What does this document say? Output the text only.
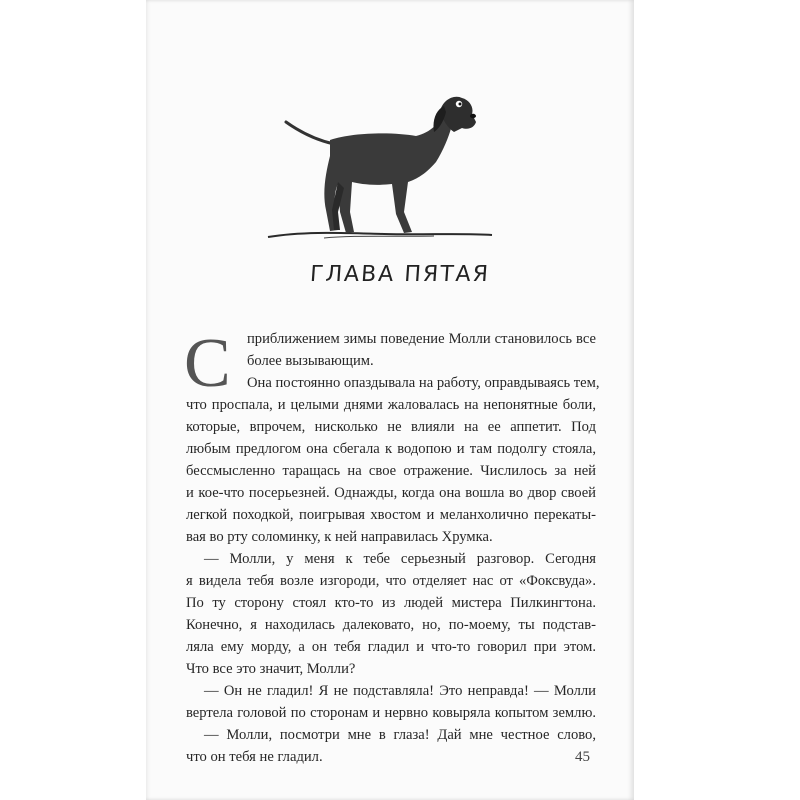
ГЛАВА ПЯТАЯ
С	приближением зимы поведение Молли становилось все
более вызывающим.
Она постоянно опаздывала на работу, оправдываясь тем,
что проспала, и целыми днями жаловалась на непонятные боли,
которые, впрочем, нисколько не влияли на ее аппетит. Под
любым предлогом она сбегала к водопою и там подолгу стояла,
бессмысленно таращась на свое отражение. Числилось за ней
и кое-что посерьезней. Однажды, когда она вошла во двор своей
легкой походкой, поигрывая хвостом и меланхолично перекаты-
вая во рту соломинку, к ней направилась Хрумка.
— Молли, у меня к тебе серьезный разговор. Сегодня
я видела тебя возле изгороди, что отделяет нас от «Фоксвуда».
По ту сторону стоял кто-то из людей мистера Пилкингтона.
Конечно, я находилась далековато, но, по-моему, ты подстав-
ляла ему морду, а он тебя гладил и что-то говорил при этом.
Что все это значит, Молли?
— Он не гладил! Я не подставляла! Это неправда! — Молли
вертела головой по сторонам и нервно ковыряла копытом землю.
— Молли, посмотри мне в глаза! Дай мне честное слово,
что он тебя не гладил.	45
